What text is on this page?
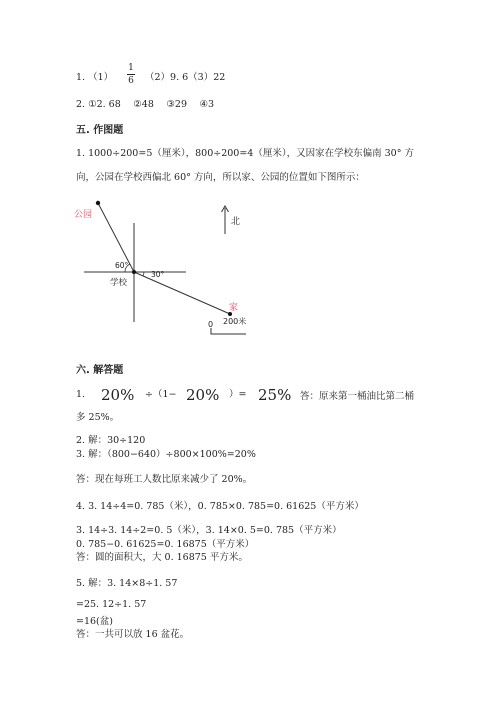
1. （1）
1
6	（2）9. 6（3）22
2. ①2. 68　 ②48　 ③29　 ④3
五. 作图题
1. 1000÷200=5（厘米），800÷200=4（厘米），又因家在学校东偏南 30° 方
向，公园在学校西偏北 60° 方向，所以家、公园的位置如下图所示：
公园
学校
家
北
60°
30°
0 200米
六. 解答题
1. 20% ÷（1− 20% ）= 25% 答：原来第一桶油比第二桶
多 25%。
2. 解：30÷120
3. 解：（800−640）÷800×100%=20%
答：现在每班工人数比原来减少了 20%。
4. 3. 14÷4=0. 785（米），0. 785×0. 785=0. 61625（平方米）
3. 14÷3. 14÷2=0. 5（米），3. 14×0. 5=0. 785（平方米）
0. 785−0. 61625=0. 16875（平方米）
答：圆的面积大，大 0. 16875 平方米。
5. 解：3. 14×8÷1. 57
=25. 12÷1. 57
=16(盆)
答：一共可以放 16 盆花。
